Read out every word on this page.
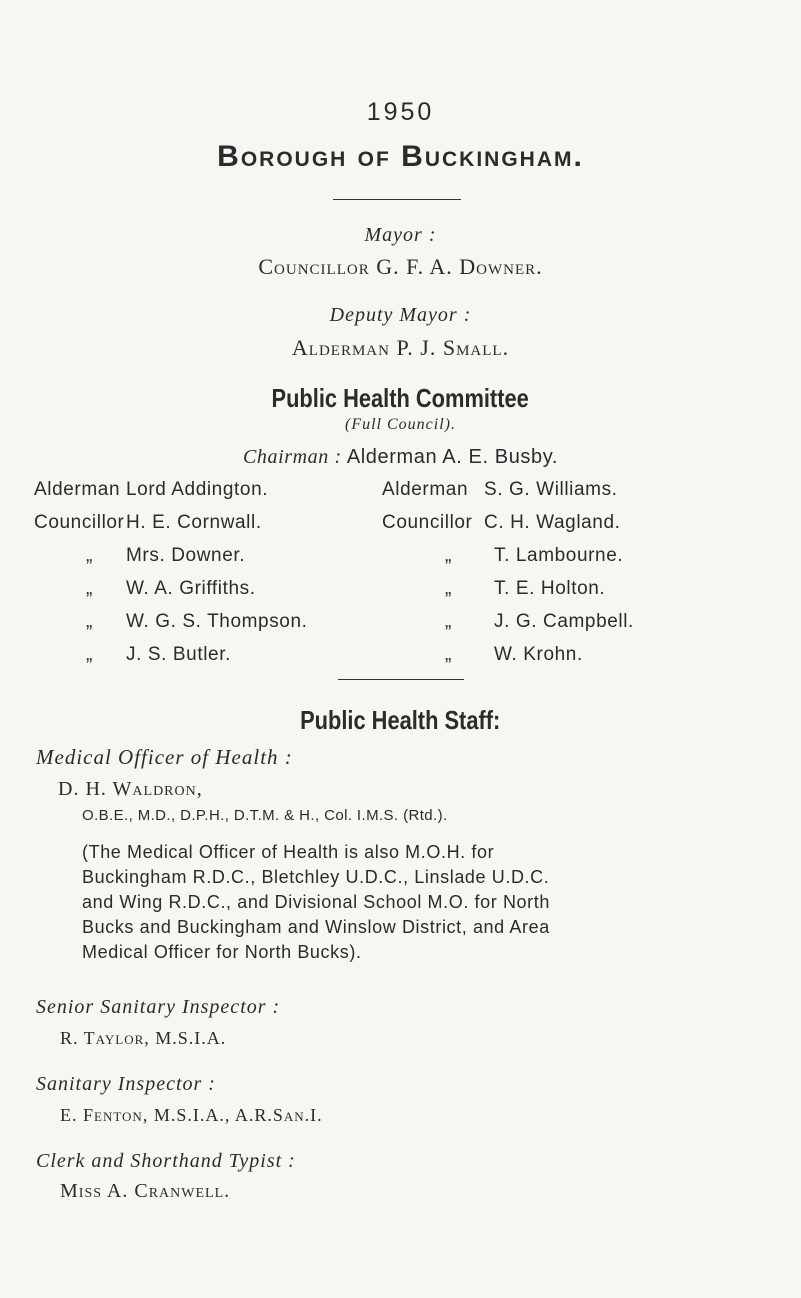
1950
Borough of Buckingham.
Mayor :
Councillor G. F. A. Downer.
Deputy Mayor :
Alderman P. J. Small.
Public Health Committee
(Full Council).
Chairman : Alderman A. E. Busby.
Alderman Lord Addington.
Councillor H. E. Cornwall.
„ Mrs. Downer.
„ W. A. Griffiths.
„ W. G. S. Thompson.
„ J. S. Butler.
Alderman S. G. Williams.
Councillor C. H. Wagland.
„ T. Lambourne.
„ T. E. Holton.
„ J. G. Campbell.
„ W. Krohn.
Public Health Staff:
Medical Officer of Health :
D. H. Waldron,
O.B.E., M.D., D.P.H., D.T.M. & H., Col. I.M.S. (Rtd.).
(The Medical Officer of Health is also M.O.H. for
Buckingham R.D.C., Bletchley U.D.C., Linslade U.D.C.
and Wing R.D.C., and Divisional School M.O. for North
Bucks and Buckingham and Winslow District, and Area
Medical Officer for North Bucks).
Senior Sanitary Inspector :
R. Taylor, M.S.I.A.
Sanitary Inspector :
E. Fenton, M.S.I.A., A.R.San.I.
Clerk and Shorthand Typist :
Miss A. Cranwell.
